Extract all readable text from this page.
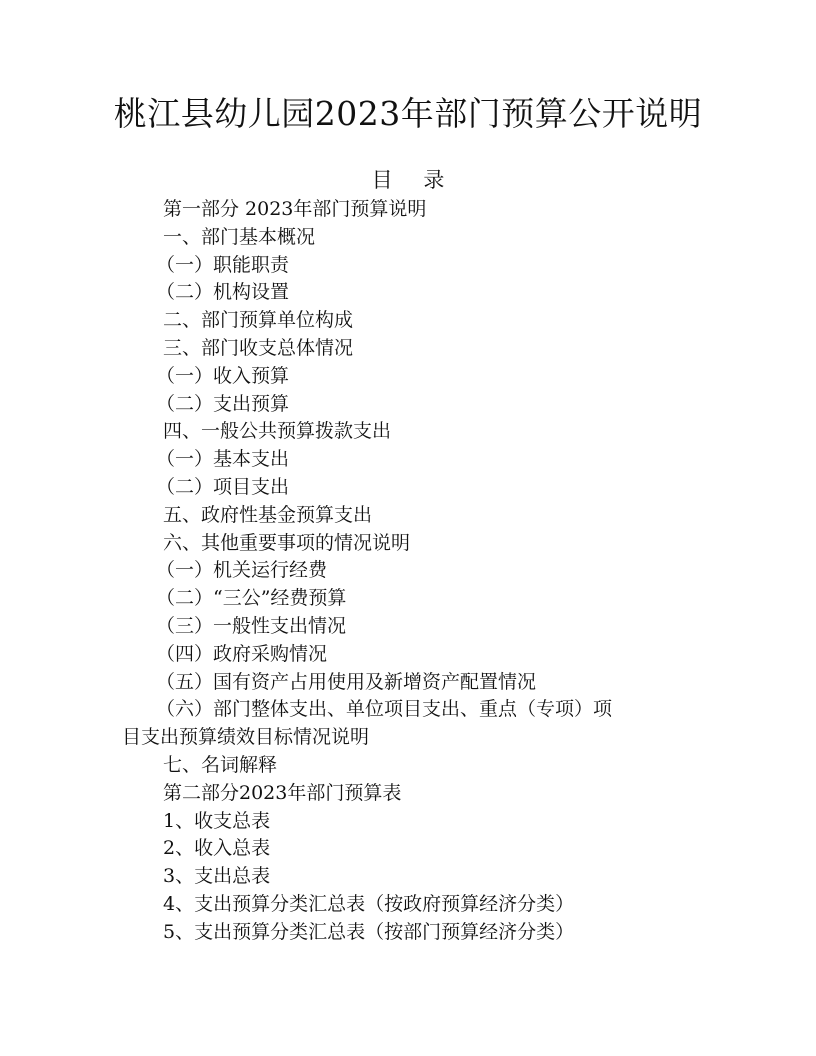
桃江县幼儿园2023年部门预算公开说明
目 录
第一部分 2023年部门预算说明
一、部门基本概况
（一）职能职责
（二）机构设置
二、部门预算单位构成
三、部门收支总体情况
（一）收入预算
（二）支出预算
四、一般公共预算拨款支出
（一）基本支出
（二）项目支出
五、政府性基金预算支出
六、其他重要事项的情况说明
（一）机关运行经费
（二）“三公”经费预算
（三）一般性支出情况
（四）政府采购情况
（五）国有资产占用使用及新增资产配置情况
（六）部门整体支出、单位项目支出、重点（专项）项
目支出预算绩效目标情况说明
七、名词解释
第二部分2023年部门预算表
1、收支总表
2、收入总表
3、支出总表
4、支出预算分类汇总表（按政府预算经济分类）
5、支出预算分类汇总表（按部门预算经济分类）
